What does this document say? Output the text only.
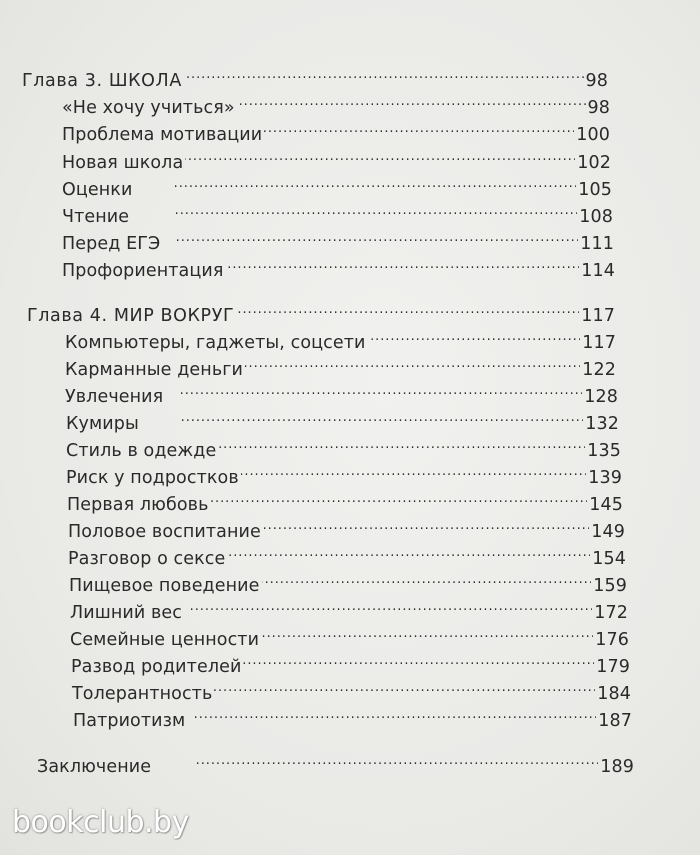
Глава 3. ШКОЛА . . .	98
«Не хочу учиться» . . .	98
Проблема мотивации . . .	100
Новая школа . . .	102
Оценки . . .	105
Чтение . . .	108
Перед ЕГЭ . . .	111
Профориентация . . .	114
Глава 4. МИР ВОКРУГ . . .	117
Компьютеры, гаджеты, соцсети . . .	117
Карманные деньги . . .	122
Увлечения . . .	128
Кумиры . . .	132
Стиль в одежде . . .	135
Риск у подростков . . .	139
Первая любовь . . .	145
Половое воспитание . . .	149
Разговор о сексе . . .	154
Пищевое поведение . . .	159
Лишний вес . . .	172
Семейные ценности . . .	176
Развод родителей . . .	179
Толерантность . . .	184
Патриотизм . . .	187
Заключение . . .	189
bookclub.by
